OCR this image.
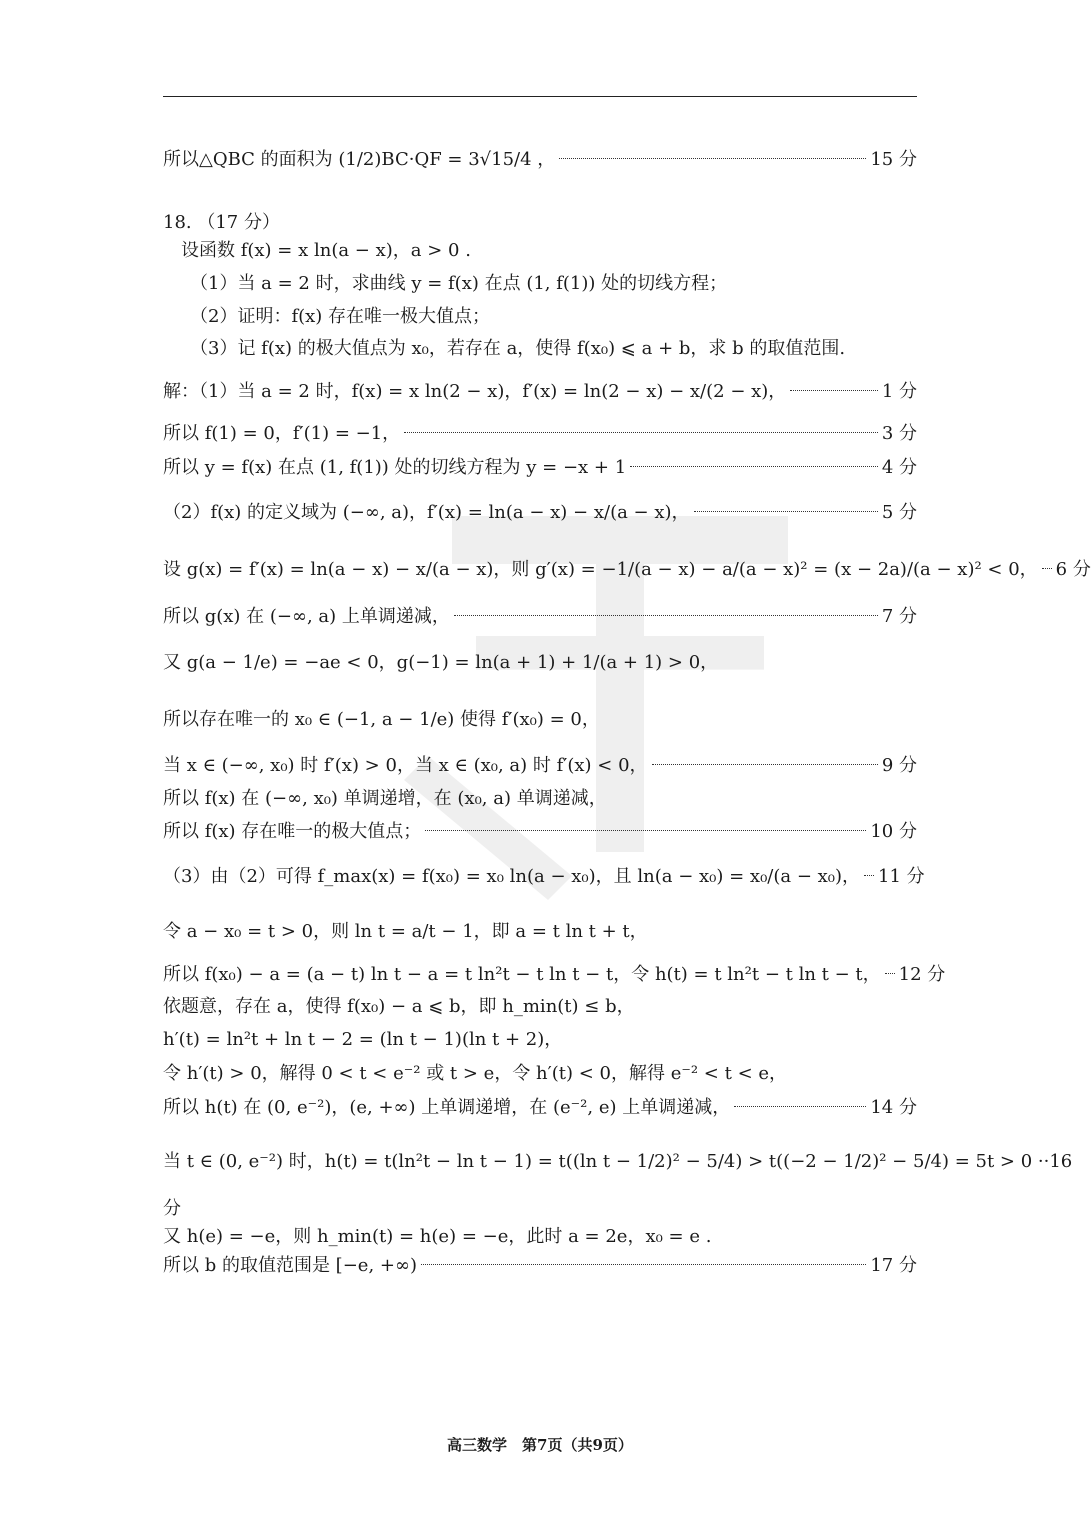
所以△QBC 的面积为 (1/2)BC·QF = 3√15/4 ，	15 分
18. （17 分）
　设函数 f(x) = x ln(a − x)，a > 0 .
　　（1）当 a = 2 时，求曲线 y = f(x) 在点 (1, f(1)) 处的切线方程；
　　（2）证明：f(x) 存在唯一极大值点；
　　（3）记 f(x) 的极大值点为 x₀，若存在 a，使得 f(x₀) ⩽ a + b，求 b 的取值范围.
解：（1）当 a = 2 时，f(x) = x ln(2 − x)，f′(x) = ln(2 − x) − x/(2 − x)，	1 分
所以 f(1) = 0，f′(1) = −1，	3 分
所以 y = f(x) 在点 (1, f(1)) 处的切线方程为 y = −x + 1	4 分
（2）f(x) 的定义域为 (−∞, a)，f′(x) = ln(a − x) − x/(a − x)，	5 分
设 g(x) = f′(x) = ln(a − x) − x/(a − x)，则 g′(x) = −1/(a − x) − a/(a − x)² = (x − 2a)/(a − x)² < 0， 6 分
所以 g(x) 在 (−∞, a) 上单调递减，	7 分
又 g(a − 1/e) = −ae < 0，g(−1) = ln(a + 1) + 1/(a + 1) > 0，
所以存在唯一的 x₀ ∈ (−1, a − 1/e) 使得 f′(x₀) = 0，
当 x ∈ (−∞, x₀) 时 f′(x) > 0，当 x ∈ (x₀, a) 时 f′(x) < 0，	9 分
所以 f(x) 在 (−∞, x₀) 单调递增，在 (x₀, a) 单调递减，
所以 f(x) 存在唯一的极大值点；	10 分
（3）由（2）可得 f_max(x) = f(x₀) = x₀ ln(a − x₀)，且 ln(a − x₀) = x₀/(a − x₀)， 11 分
令 a − x₀ = t > 0，则 ln t = a/t − 1，即 a = t ln t + t，
所以 f(x₀) − a = (a − t) ln t − a = t ln²t − t ln t − t，令 h(t) = t ln²t − t ln t − t， 12 分
依题意，存在 a，使得 f(x₀) − a ⩽ b，即 h_min(t) ≤ b，
h′(t) = ln²t + ln t − 2 = (ln t − 1)(ln t + 2)，
令 h′(t) > 0，解得 0 < t < e⁻² 或 t > e，令 h′(t) < 0，解得 e⁻² < t < e，
所以 h(t) 在 (0, e⁻²)，(e, +∞) 上单调递增，在 (e⁻², e) 上单调递减，	14 分
当 t ∈ (0, e⁻²) 时，h(t) = t(ln²t − ln t − 1) = t((ln t − 1/2)² − 5/4) > t((−2 − 1/2)² − 5/4) = 5t > 0 ··16
分
又 h(e) = −e，则 h_min(t) = h(e) = −e，此时 a = 2e，x₀ = e .
所以 b 的取值范围是 [−e, +∞)	17 分
高三数学　第7页（共9页）
